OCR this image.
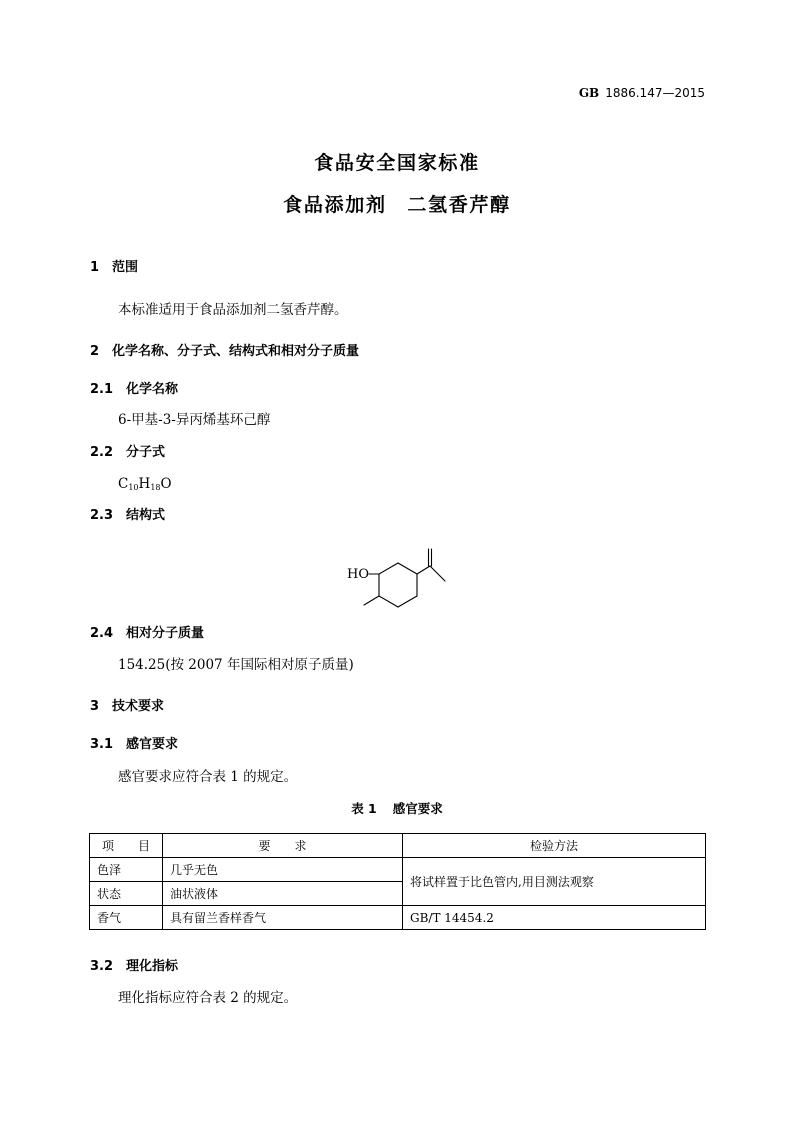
GB 1886.147—2015
食品安全国家标准
食品添加剂　二氢香芹醇
1 范围
本标准适用于食品添加剂二氢香芹醇。
2 化学名称、分子式、结构式和相对分子质量
2.1 化学名称
6-甲基-3-异丙烯基环己醇
2.2 分子式
$C_{10}H_{18}O$
2.3 结构式
HO
2.4 相对分子质量
154.25(按 2007 年国际相对原子质量)
3 技术要求
3.1 感官要求
感官要求应符合表 1 的规定。
表 1 感官要求
项　　目	要　　求	检验方法
色泽	几乎无色	将试样置于比色管内,用目测法观察
状态	油状液体	
香气	具有留兰香样香气	GB/T 14454.2
3.2 理化指标
理化指标应符合表 2 的规定。
